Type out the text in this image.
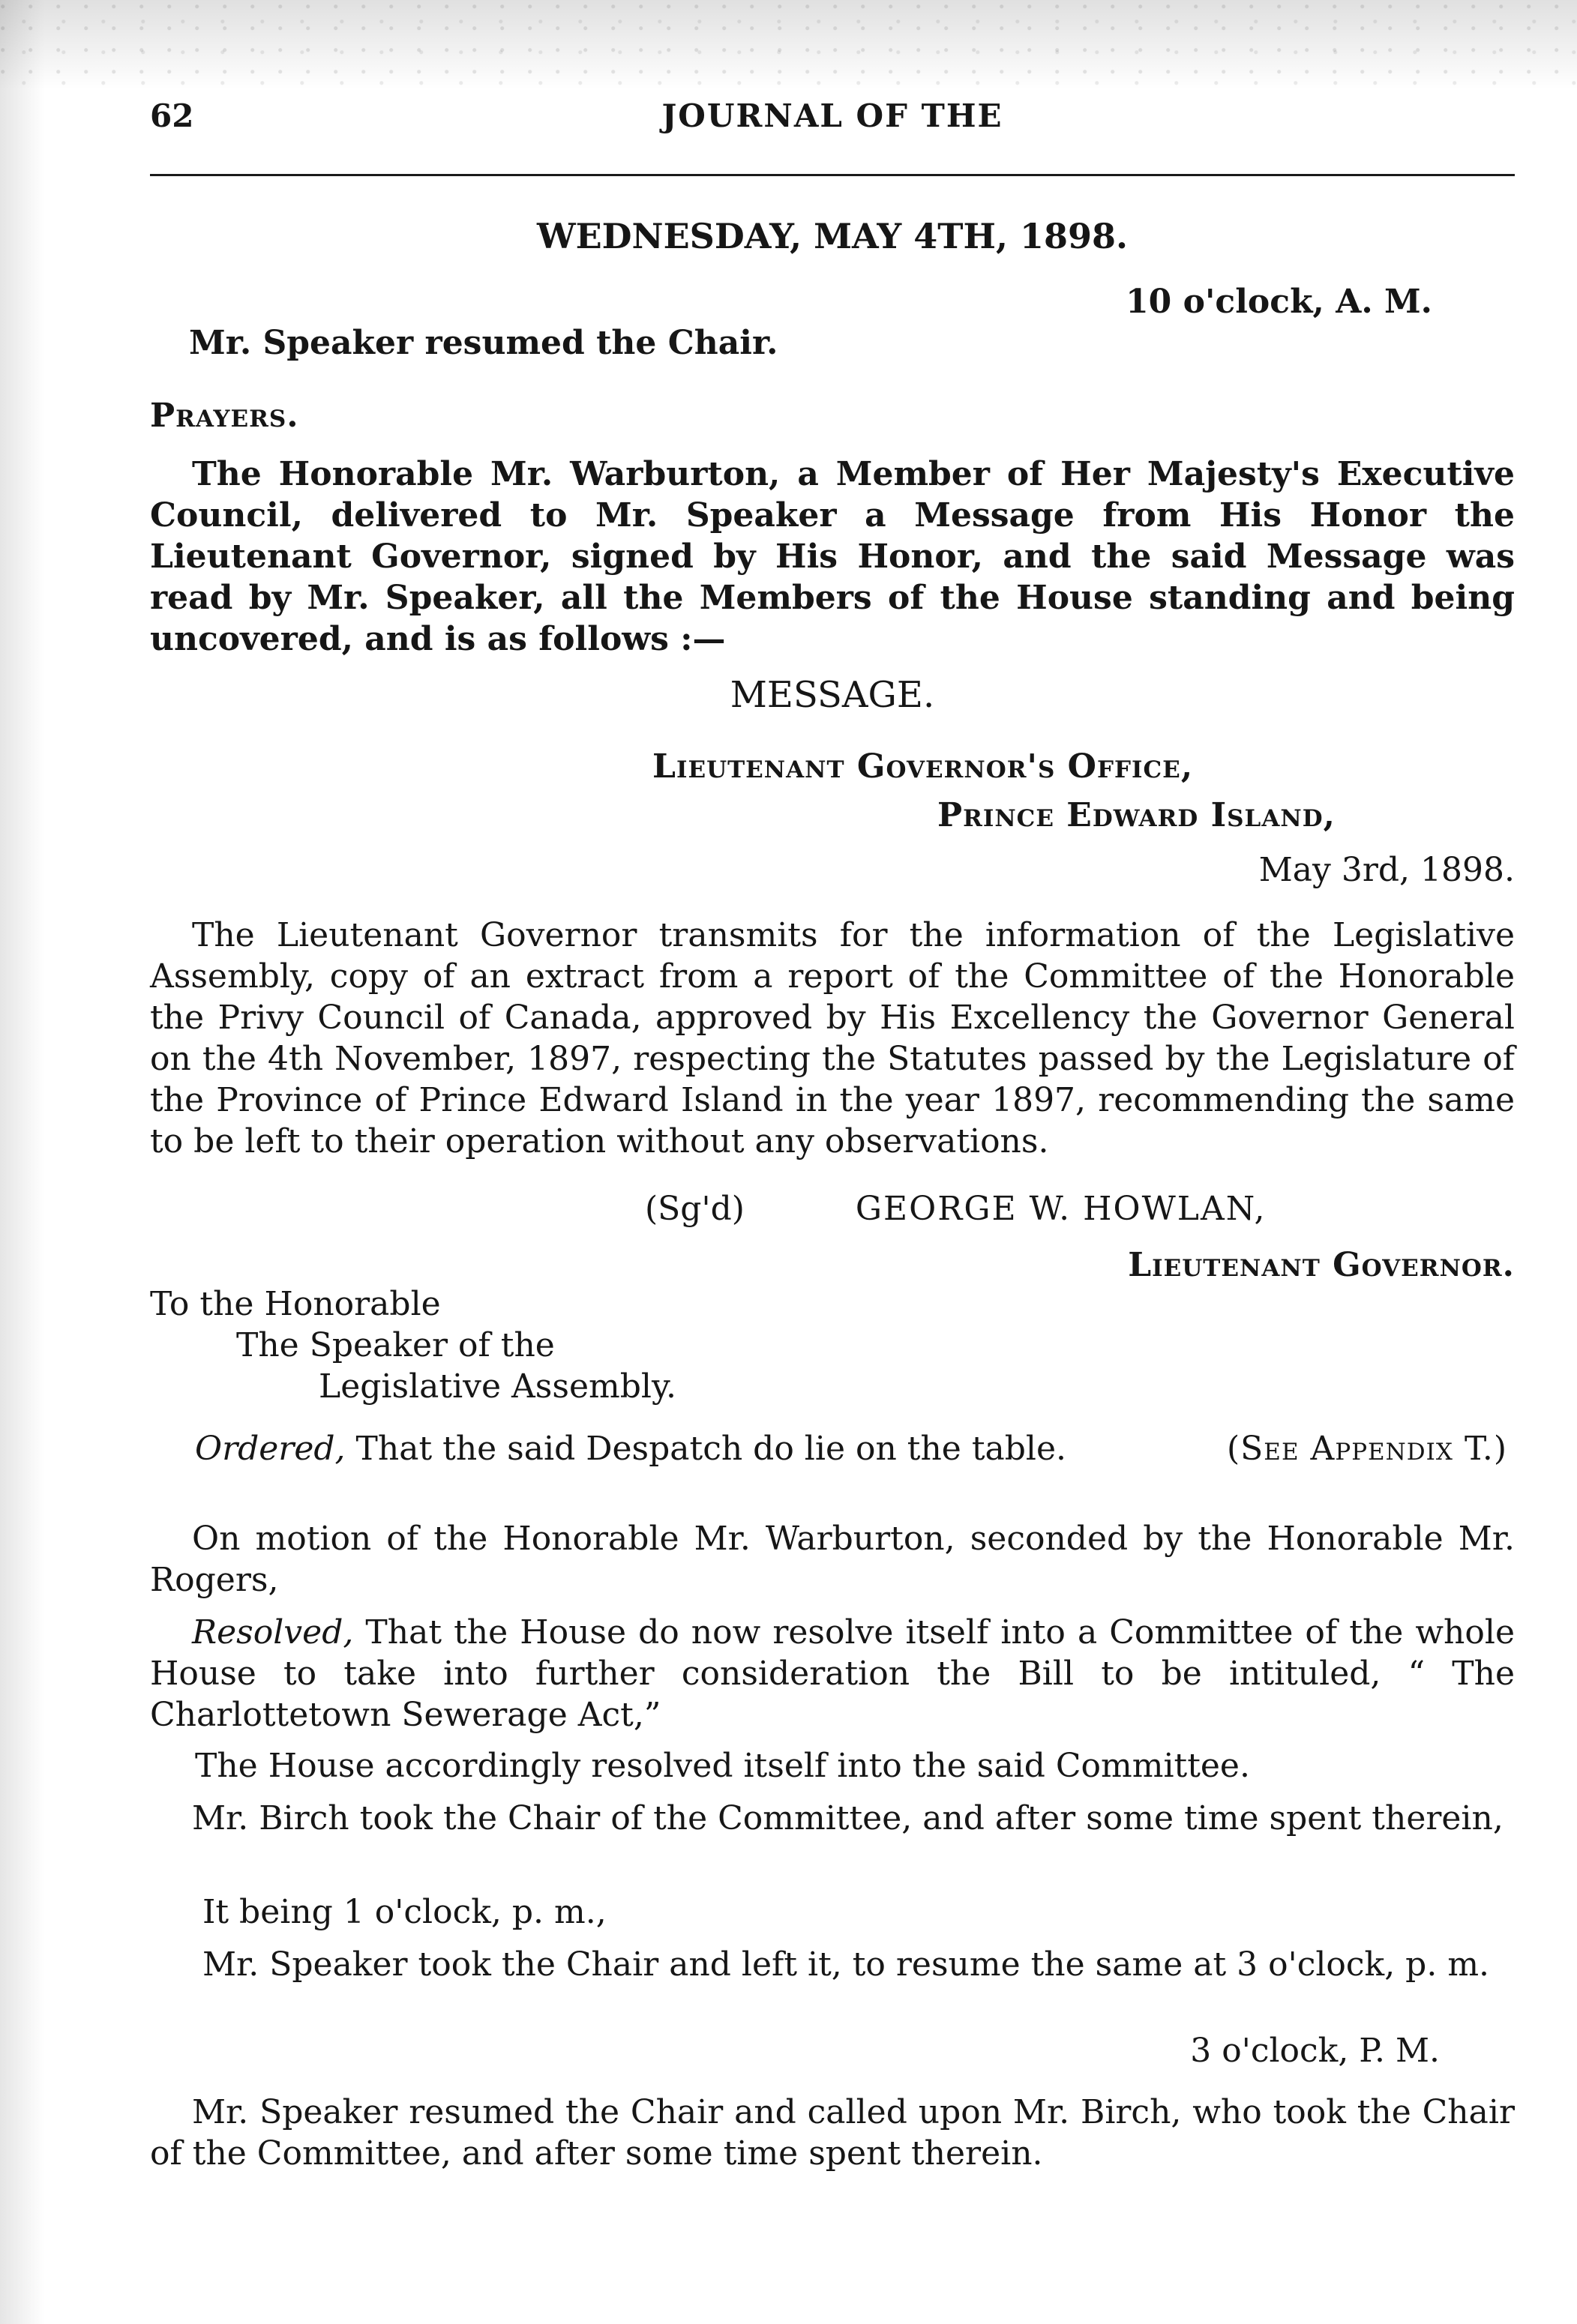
62	JOURNAL OF THE
WEDNESDAY, MAY 4TH, 1898.
10 o'clock, A. M.
Mr. Speaker resumed the Chair.
Prayers.
The Honorable Mr. Warburton, a Member of Her Majesty's Executive Council, delivered to Mr. Speaker a Message from His Honor the Lieutenant Governor, signed by His Honor, and the said Message was read by Mr. Speaker, all the Members of the House standing and being uncovered, and is as follows :—
MESSAGE.
Lieutenant Governor's Office,
Prince Edward Island,
May 3rd, 1898.
The Lieutenant Governor transmits for the information of the Legislative Assembly, copy of an extract from a report of the Committee of the Honorable the Privy Council of Canada, approved by His Excellency the Governor General on the 4th November, 1897, respecting the Statutes passed by the Legislature of the Province of Prince Edward Island in the year 1897, recommending the same to be left to their operation without any observations.
(Sg'd)	GEORGE W. HOWLAN,
Lieutenant Governor.
To the Honorable
The Speaker of the
Legislative Assembly.
Ordered, That the said Despatch do lie on the table.	(See Appendix T.)
On motion of the Honorable Mr. Warburton, seconded by the Honorable Mr. Rogers,
Resolved, That the House do now resolve itself into a Committee of the whole House to take into further consideration the Bill to be intituled, “ The Charlottetown Sewerage Act,”
The House accordingly resolved itself into the said Committee.
Mr. Birch took the Chair of the Committee, and after some time spent therein,
It being 1 o'clock, p. m.,
Mr. Speaker took the Chair and left it, to resume the same at 3 o'clock, p. m.
3 o'clock, P. M.
Mr. Speaker resumed the Chair and called upon Mr. Birch, who took the Chair of the Committee, and after some time spent therein.
